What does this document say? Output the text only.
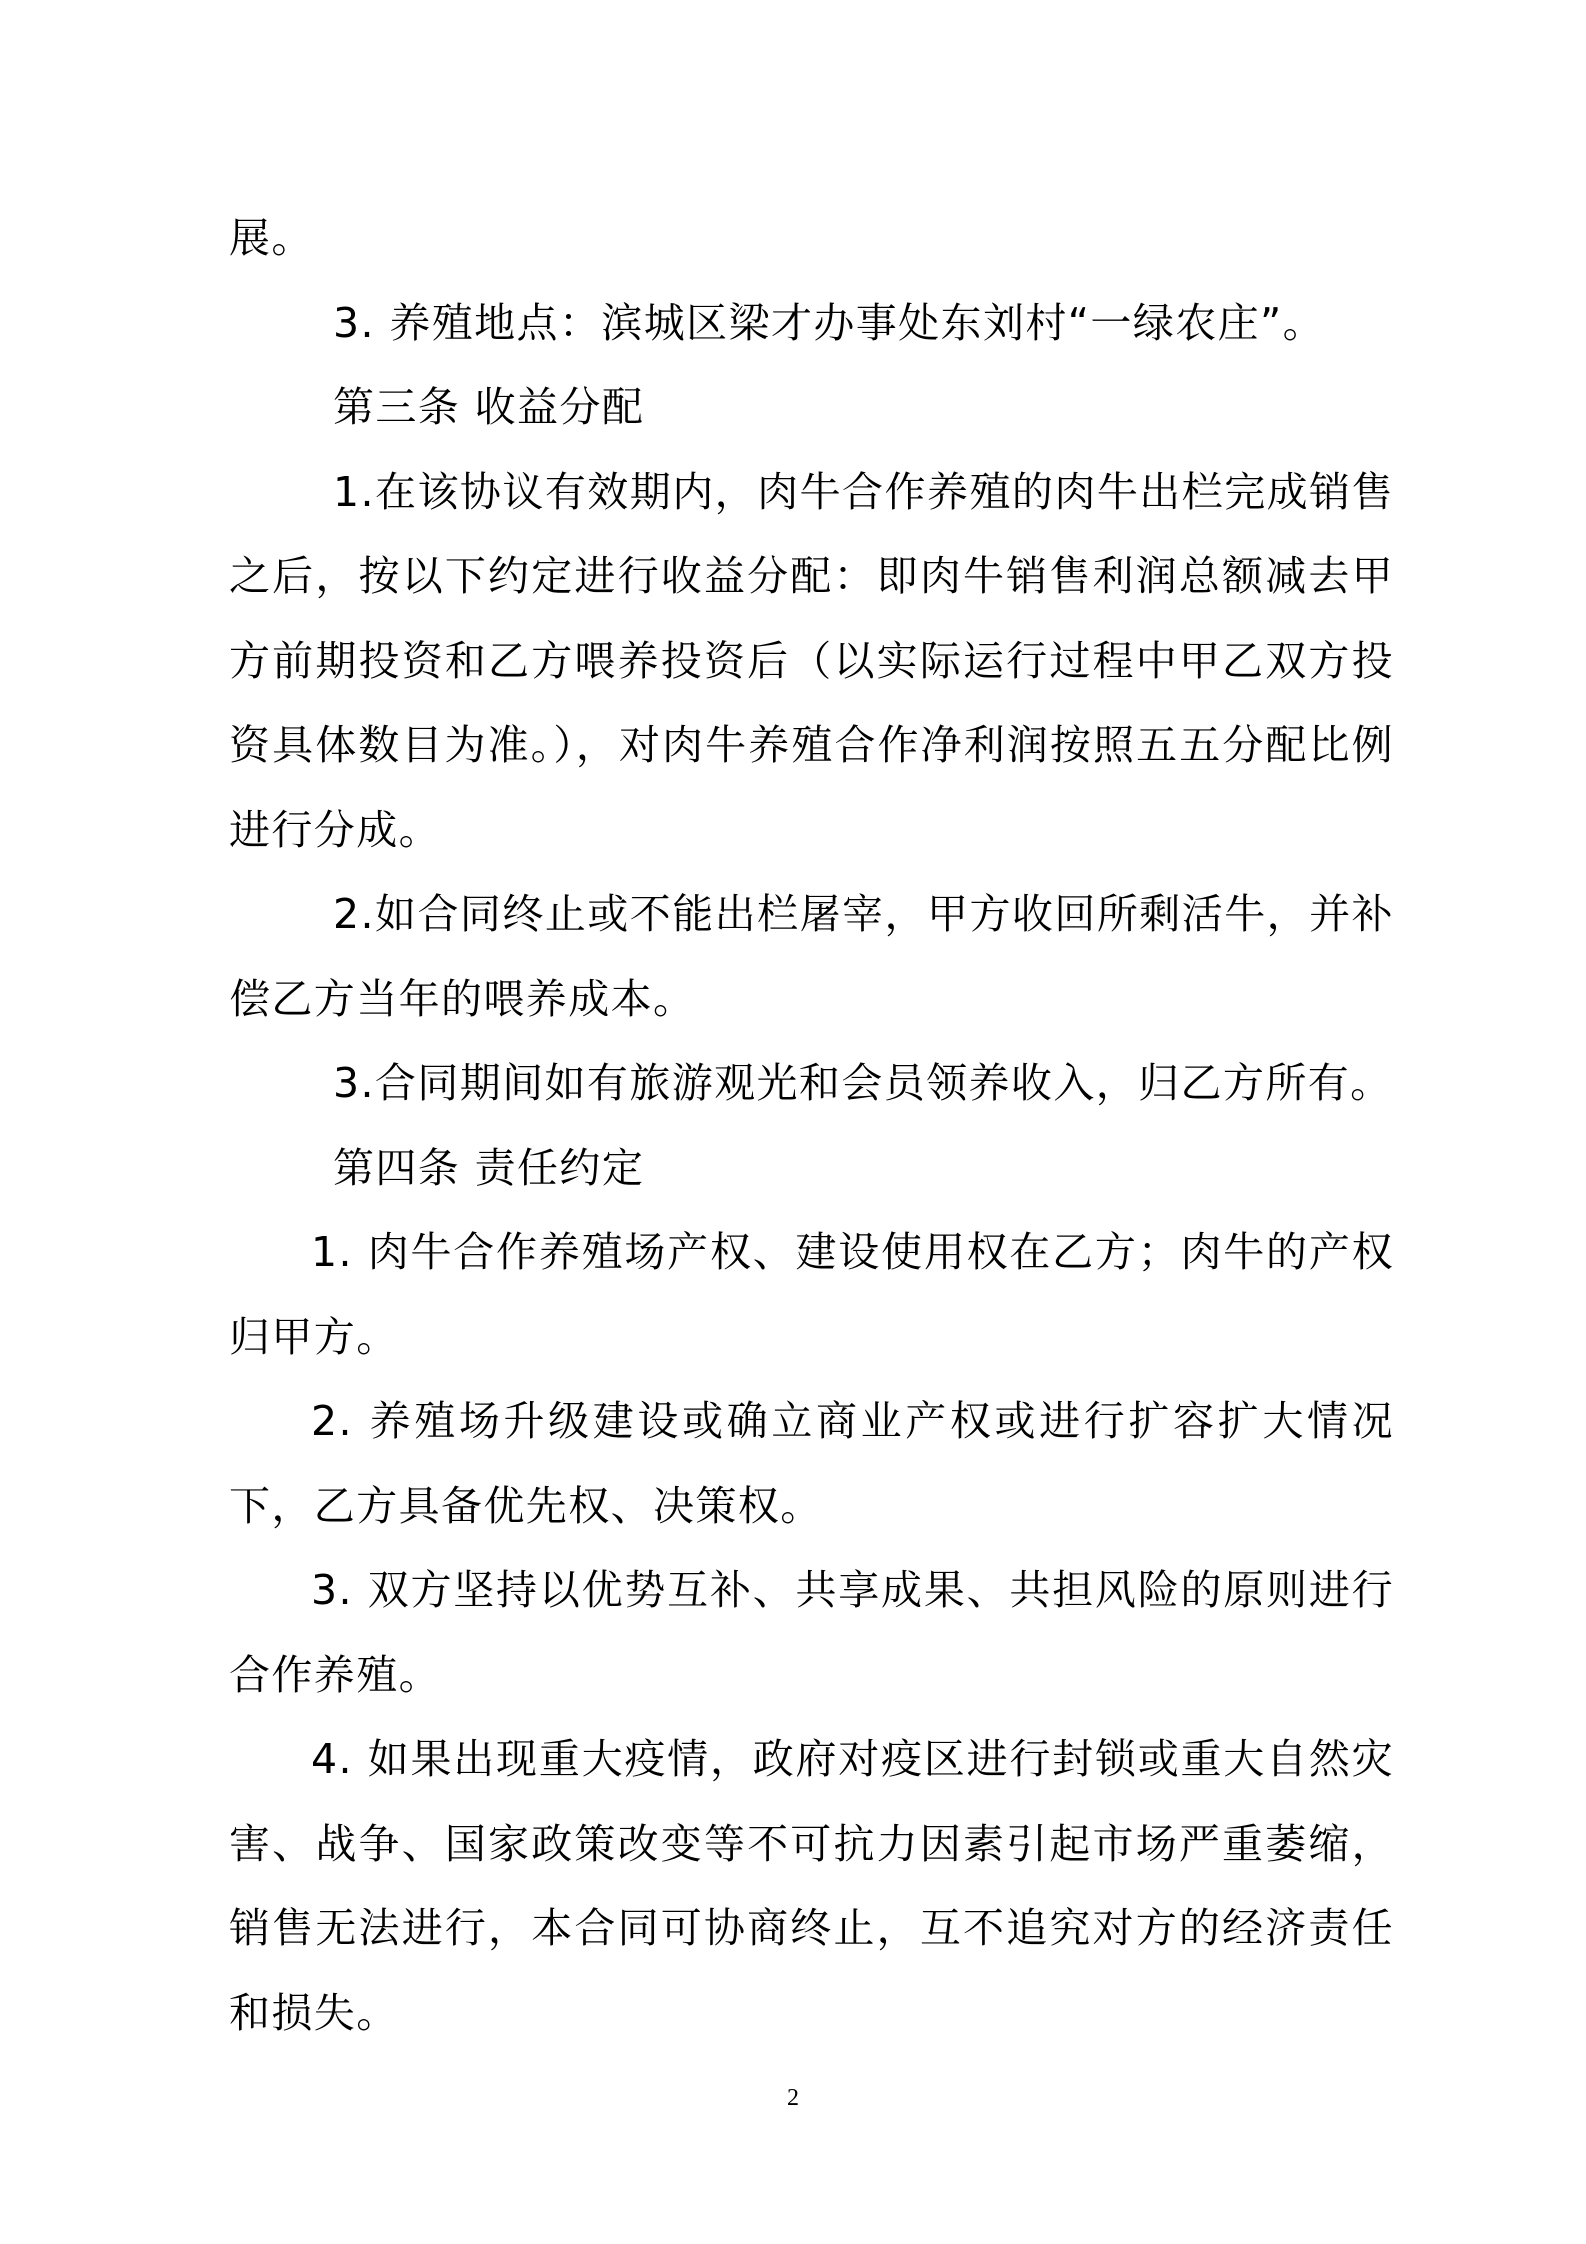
展。

3. 养殖地点：滨城区梁才办事处东刘村“一绿农庄”。

第三条 收益分配

1.在该协议有效期内，肉牛合作养殖的肉牛出栏完成销售之后，按以下约定进行收益分配：即肉牛销售利润总额减去甲方前期投资和乙方喂养投资后（以实际运行过程中甲乙双方投资具体数目为准。），对肉牛养殖合作净利润按照五五分配比例进行分成。

2.如合同终止或不能出栏屠宰，甲方收回所剩活牛，并补偿乙方当年的喂养成本。

3.合同期间如有旅游观光和会员领养收入，归乙方所有。

第四条 责任约定

1. 肉牛合作养殖场产权、建设使用权在乙方；肉牛的产权归甲方。

2. 养殖场升级建设或确立商业产权或进行扩容扩大情况下，乙方具备优先权、决策权。

3. 双方坚持以优势互补、共享成果、共担风险的原则进行合作养殖。

4. 如果出现重大疫情，政府对疫区进行封锁或重大自然灾害、战争、国家政策改变等不可抗力因素引起市场严重萎缩，销售无法进行，本合同可协商终止，互不追究对方的经济责任和损失。

2
